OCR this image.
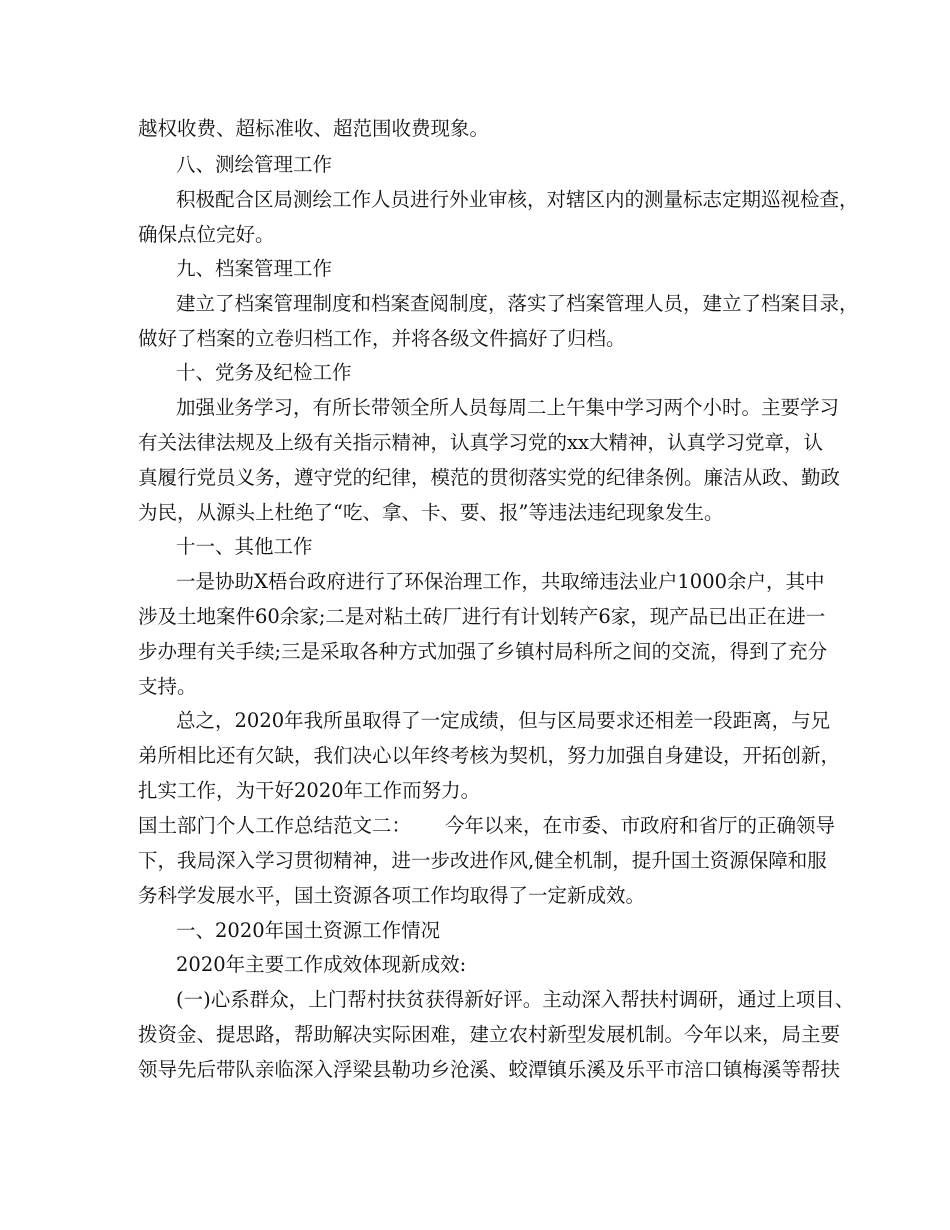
越权收费、超标准收、超范围收费现象。
八、测绘管理工作
积极配合区局测绘工作人员进行外业审核，对辖区内的测量标志定期巡视检查，
确保点位完好。
九、档案管理工作
建立了档案管理制度和档案查阅制度，落实了档案管理人员，建立了档案目录，
做好了档案的立卷归档工作，并将各级文件搞好了归档。
十、党务及纪检工作
加强业务学习，有所长带领全所人员每周二上午集中学习两个小时。主要学习
有关法律法规及上级有关指示精神，认真学习党的xx大精神，认真学习党章，认
真履行党员义务，遵守党的纪律，模范的贯彻落实党的纪律条例。廉洁从政、勤政
为民，从源头上杜绝了“吃、拿、卡、要、报”等违法违纪现象发生。
十一、其他工作
一是协助X梧台政府进行了环保治理工作，共取缔违法业户1000余户，其中
涉及土地案件60余家;二是对粘土砖厂进行有计划转产6家，现产品已出正在进一
步办理有关手续;三是采取各种方式加强了乡镇村局科所之间的交流，得到了充分
支持。
总之，2020年我所虽取得了一定成绩，但与区局要求还相差一段距离，与兄
弟所相比还有欠缺，我们决心以年终考核为契机，努力加强自身建设，开拓创新，
扎实工作，为干好2020年工作而努力。
国土部门个人工作总结范文二： 今年以来，在市委、市政府和省厅的正确领导
下，我局深入学习贯彻精神，进一步改进作风,健全机制，提升国土资源保障和服
务科学发展水平，国土资源各项工作均取得了一定新成效。
一、2020年国土资源工作情况
2020年主要工作成效体现新成效:
(一)心系群众，上门帮村扶贫获得新好评。主动深入帮扶村调研，通过上项目、
拨资金、提思路，帮助解决实际困难，建立农村新型发展机制。今年以来，局主要
领导先后带队亲临深入浮梁县勒功乡沧溪、蛟潭镇乐溪及乐平市涪口镇梅溪等帮扶
